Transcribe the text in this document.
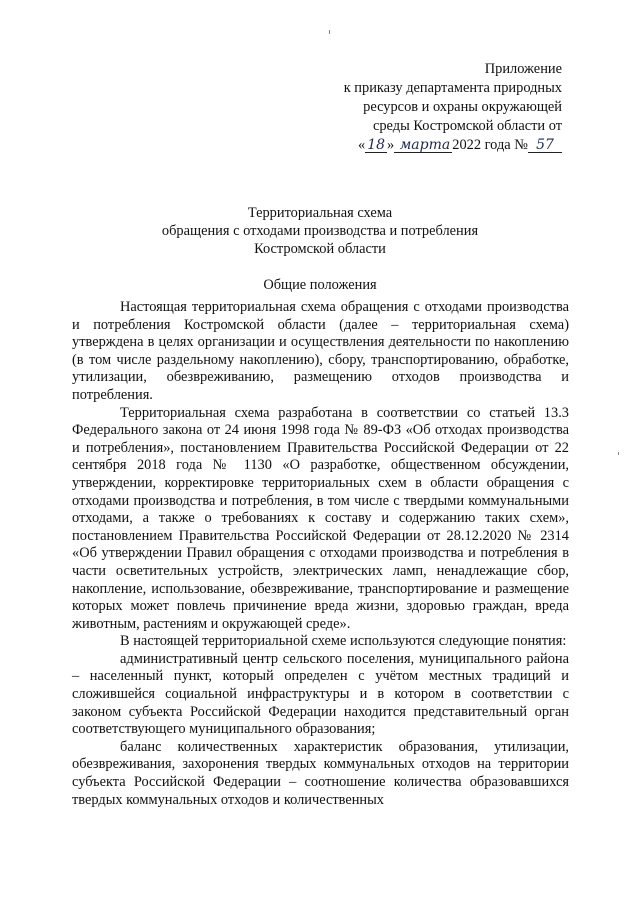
Приложение
к приказу департамента природных
ресурсов и охраны окружающей
среды Костромской области от
« 18 » марта 2022 года № 57
Территориальная схема
обращения с отходами производства и потребления
Костромской области
Общие положения

Настоящая территориальная схема обращения с отходами производства и потребления Костромской области (далее – территориальная схема) утверждена в целях организации и осуществления деятельности по накоплению (в том числе раздельному накоплению), сбору, транспортированию, обработке, утилизации, обезвреживанию, размещению отходов производства и потребления.

Территориальная схема разработана в соответствии со статьей 13.3 Федерального закона от 24 июня 1998 года № 89-ФЗ «Об отходах производства и потребления», постановлением Правительства Российской Федерации от 22 сентября 2018 года № 1130 «О разработке, общественном обсуждении, утверждении, корректировке территориальных схем в области обращения с отходами производства и потребления, в том числе с твердыми коммунальными отходами, а также о требованиях к составу и содержанию таких схем», постановлением Правительства Российской Федерации от 28.12.2020 № 2314 «Об утверждении Правил обращения с отходами производства и потребления в части осветительных устройств, электрических ламп, ненадлежащие сбор, накопление, использование, обезвреживание, транспортирование и размещение которых может повлечь причинение вреда жизни, здоровью граждан, вреда животным, растениям и окружающей среде».

В настоящей территориальной схеме используются следующие понятия:

административный центр сельского поселения, муниципального района – населенный пункт, который определен с учётом местных традиций и сложившейся социальной инфраструктуры и в котором в соответствии с законом субъекта Российской Федерации находится представительный орган соответствующего муниципального образования;

баланс количественных характеристик образования, утилизации, обезвреживания, захоронения твердых коммунальных отходов на территории субъекта Российской Федерации – соотношение количества образовавшихся твердых коммунальных отходов и количественных
